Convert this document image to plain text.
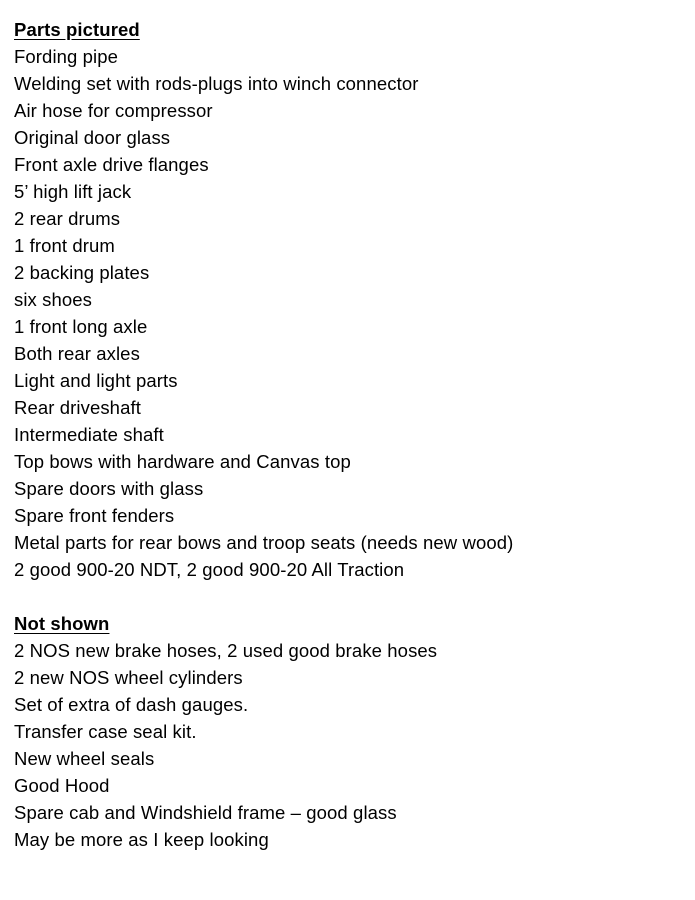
Parts pictured
Fording pipe
Welding set with rods-plugs into winch connector
Air hose for compressor
Original door glass
Front axle drive flanges
5’ high lift jack
2 rear drums
1 front drum
2 backing plates
six shoes
1 front long axle
Both rear axles
Light and light parts
Rear driveshaft
Intermediate shaft
Top bows with hardware and Canvas top
Spare doors with glass
Spare front fenders
Metal parts for rear bows and troop seats (needs new wood)
2 good 900-20 NDT, 2 good 900-20 All Traction
Not shown
2 NOS new brake hoses, 2 used good brake hoses
2 new NOS wheel cylinders
Set of extra of dash gauges.
Transfer case seal kit.
New wheel seals
Good Hood
Spare cab and Windshield frame – good glass
May be more as I keep looking
